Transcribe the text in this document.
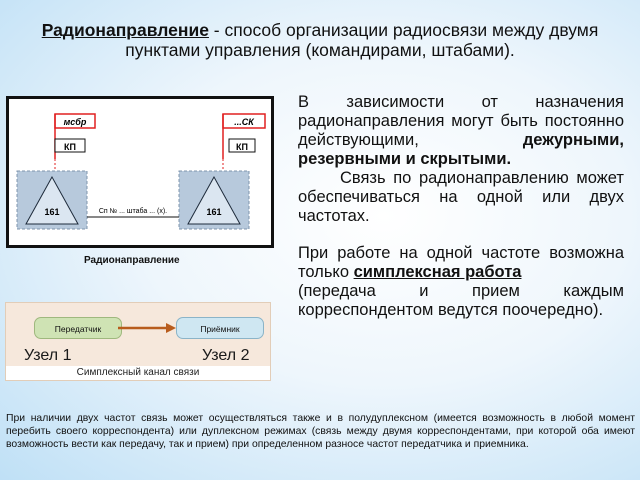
Радионаправление - способ организации радиосвязи между двумя пунктами управления (командирами, штабами).
мсбр
КП
...СК
КП
161	161
Сп № ... штаба ... (х).
Радионаправление
Передатчик	Приёмник
Узел 1	Узел 2
Симплексный канал связи

В зависимости от назначения радионаправления могут быть постоянно действующими, дежурными, резервными и скрытыми.

Связь по радионаправлению может обеспечиваться на одной или двух частотах.

При работе на одной частоте возможна только симплексная работа

(передача и прием каждым корреспондентом ведутся поочередно).

При наличии двух частот связь может осуществляться также и в полудуплексном (имеется возможность в любой момент перебить своего корреспондента) или дуплексном режимах (связь между двумя корреспондентами, при которой оба имеют возможность вести как передачу, так и прием) при определенном разносе частот передатчика и приемника.
